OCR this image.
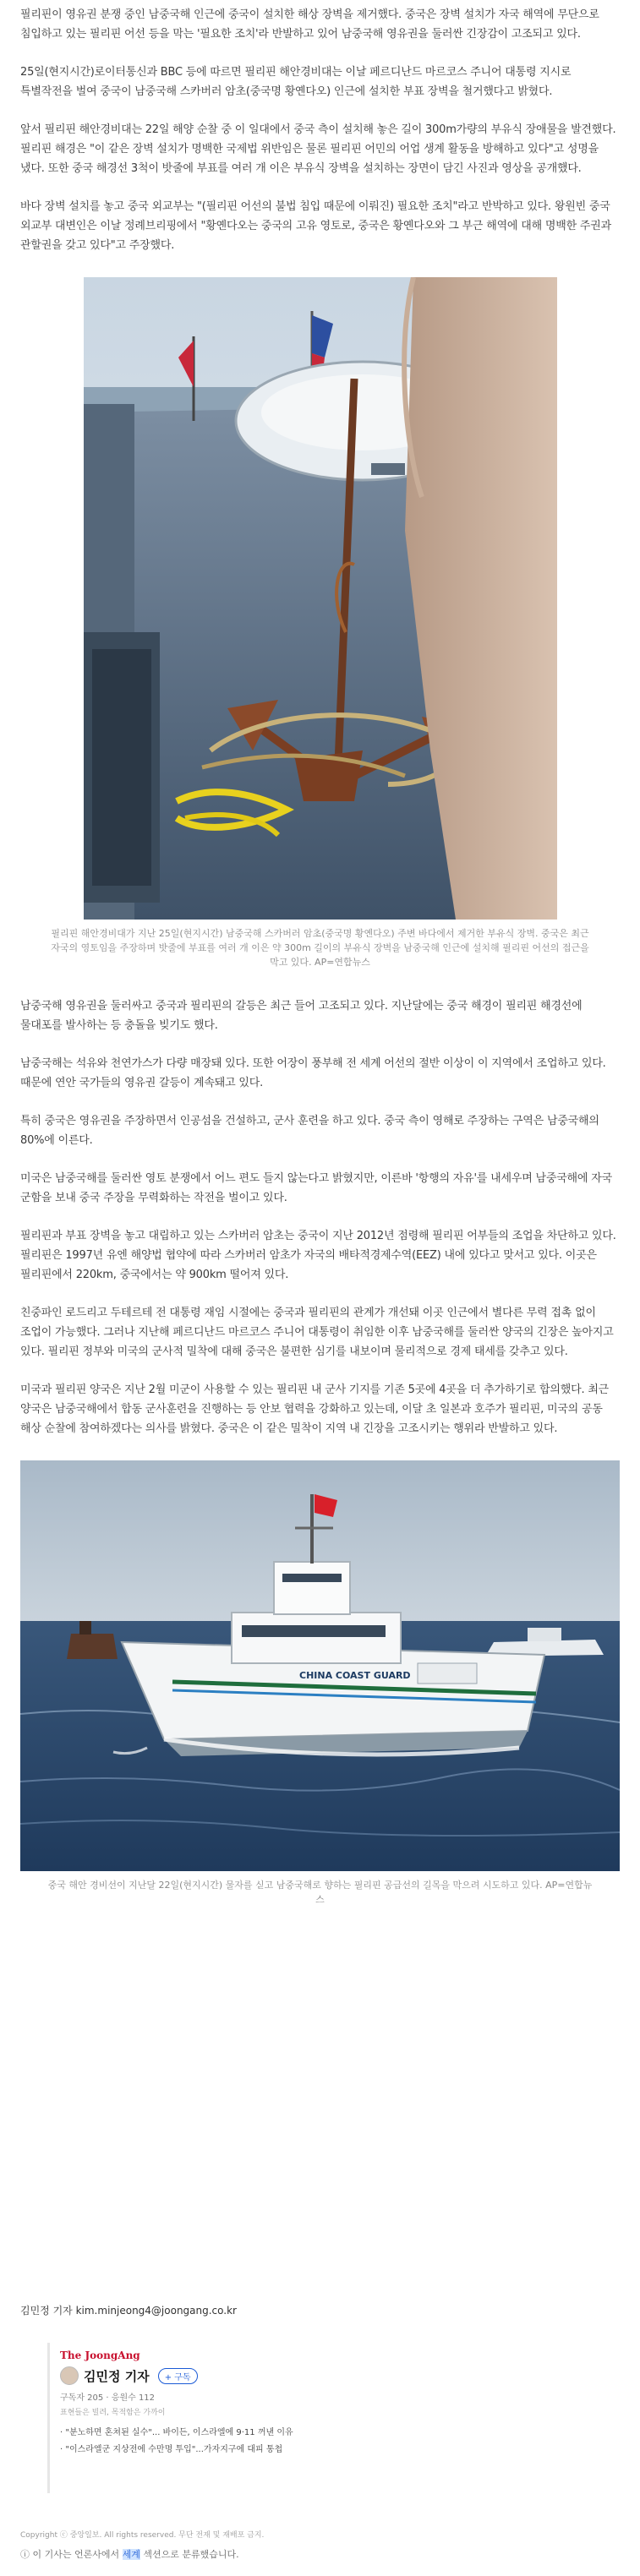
필리핀이 영유권 분쟁 중인 남중국해 인근에 중국이 설치한 해상 장벽을 제거했다. 중국은 장벽 설치가 자국 해역에 무단으로 침입하고 있는 필리핀 어선 등을 막는 '필요한 조치'라 반발하고 있어 남중국해 영유권을 둘러싼 긴장감이 고조되고 있다.

25일(현지시간)로이터통신과 BBC 등에 따르면 필리핀 해안경비대는 이날 페르디난드 마르코스 주니어 대통령 지시로 특별작전을 벌여 중국이 남중국해 스카버러 암초(중국명 황옌다오) 인근에 설치한 부표 장벽을 철거했다고 밝혔다.

앞서 필리핀 해안경비대는 22일 해양 순찰 중 이 일대에서 중국 측이 설치해 놓은 길이 300m가량의 부유식 장애물을 발견했다. 필리핀 해경은 "이 같은 장벽 설치가 명백한 국제법 위반임은 물론 필리핀 어민의 어업 생계 활동을 방해하고 있다"고 성명을 냈다. 또한 중국 해경선 3척이 밧줄에 부표를 여러 개 이은 부유식 장벽을 설치하는 장면이 담긴 사진과 영상을 공개했다.

바다 장벽 설치를 놓고 중국 외교부는 "(필리핀 어선의 불법 침입 때문에 이뤄진) 필요한 조치"라고 반박하고 있다. 왕원빈 중국 외교부 대변인은 이날 정례브리핑에서 "황옌다오는 중국의 고유 영토로, 중국은 황옌다오와 그 부근 해역에 대해 명백한 주권과 관할권을 갖고 있다"고 주장했다.

필리핀 해안경비대가 지난 25일(현지시간) 남중국해 스카버러 암초(중국명 황옌다오) 주변 바다에서 제거한 부유식 장벽. 중국은 최근 자국의 영토임을 주장하며 밧줄에 부표를 여러 개 이은 약 300m 길이의 부유식 장벽을 남중국해 인근에 설치해 필리핀 어선의 접근을 막고 있다. AP=연합뉴스

남중국해 영유권을 둘러싸고 중국과 필리핀의 갈등은 최근 들어 고조되고 있다. 지난달에는 중국 해경이 필리핀 해경선에 물대포를 발사하는 등 충돌을 빚기도 했다.

남중국해는 석유와 천연가스가 다량 매장돼 있다. 또한 어장이 풍부해 전 세계 어선의 절반 이상이 이 지역에서 조업하고 있다. 때문에 연안 국가들의 영유권 갈등이 계속돼고 있다.

특히 중국은 영유권을 주장하면서 인공섬을 건설하고, 군사 훈련을 하고 있다. 중국 측이 영해로 주장하는 구역은 남중국해의 80%에 이른다.

미국은 남중국해를 둘러싼 영토 분쟁에서 어느 편도 들지 않는다고 밝혔지만, 이른바 '항행의 자유'를 내세우며 남중국해에 자국 군함을 보내 중국 주장을 무력화하는 작전을 벌이고 있다.

필리핀과 부표 장벽을 놓고 대립하고 있는 스카버러 암초는 중국이 지난 2012년 점령해 필리핀 어부들의 조업을 차단하고 있다. 필리핀은 1997년 유엔 해양법 협약에 따라 스카버러 암초가 자국의 배타적경제수역(EEZ) 내에 있다고 맞서고 있다. 이곳은 필리핀에서 220km, 중국에서는 약 900km 떨어져 있다.

친중파인 로드리고 두테르테 전 대통령 재임 시절에는 중국과 필리핀의 관계가 개선돼 이곳 인근에서 별다른 무력 접촉 없이 조업이 가능했다. 그러나 지난해 페르디난드 마르코스 주니어 대통령이 취임한 이후 남중국해를 둘러싼 양국의 긴장은 높아지고 있다. 필리핀 정부와 미국의 군사적 밀착에 대해 중국은 불편한 심기를 내보이며 물리적으로 경제 태세를 갖추고 있다.

미국과 필리핀 양국은 지난 2월 미군이 사용할 수 있는 필리핀 내 군사 기지를 기존 5곳에 4곳을 더 추가하기로 합의했다. 최근 양국은 남중국해에서 합동 군사훈련을 진행하는 등 안보 협력을 강화하고 있는데, 이달 초 일본과 호주가 필리핀, 미국의 공동 해상 순찰에 참여하겠다는 의사를 밝혔다. 중국은 이 같은 밀착이 지역 내 긴장을 고조시키는 행위라 반발하고 있다.

CHINA COAST GUARD

중국 해안 경비선이 지난달 22일(현지시간) 물자를 싣고 남중국해로 향하는 필리핀 공급선의 길목을 막으려 시도하고 있다. AP=연합뉴스

김민정 기자 kim.minjeong4@joongang.co.kr

The JoongAng
김민정 기자	+ 구독
구독자 205 · 응원수 112
표현들은 빌려, 목적함은 가까이
· "분노하면 혼쳐된 실수"... 바이든, 이스라엘에 9·11 꺼낸 이유
· "이스라엘군 지상전에 수만명 투입"...가자지구에 대피 통첩

Copyright ⓒ 중앙일보. All rights reserved. 무단 전재 및 재배포 금지.

ⓘ 이 기사는 언론사에서 세계 섹션으로 분류했습니다.
